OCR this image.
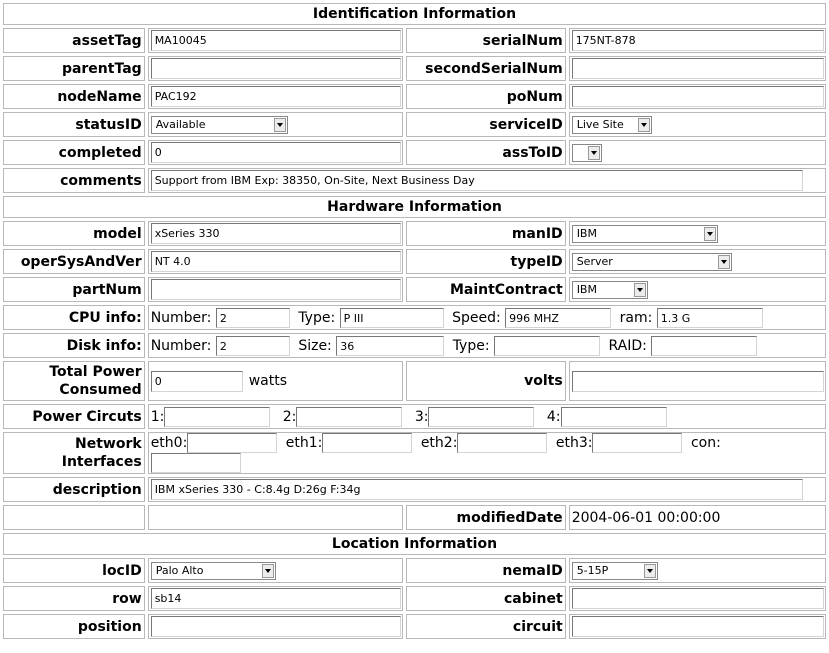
Identification Information			
assetTag	MA10045	serialNum	175NT-878
parentTag		secondSerialNum	
nodeName	PAC192	poNum	
statusID	Available	serviceID	Live Site

completed	0	assToID	

comments	Support from IBM Exp: 38350, On-Site, Next Business Day		
Hardware Information			
model	xSeries 330	manID	IBM

operSysAndVer	NT 4.0	typeID	Server

partNum		MaintContract	IBM

CPU info:	Number: 2 Type: P III Speed: 996 MHZ ram: 1.3 G		
Disk info:	Number: 2 Size: 36 Type: RAID:		
Total Power Consumed	0 watts	volts	
Power Circuts	1: 2: 3: 4:		
Network Interfaces	eth0: eth1: eth2: eth3: con:		

description	IBM xSeries 330 - C:8.4g D:26g F:34g		
		modifiedDate	2004-06-01 00:00:00
Location Information			
locID	Palo Alto	nemaID	5-15P

row	sb14	cabinet	
position		circuit	
